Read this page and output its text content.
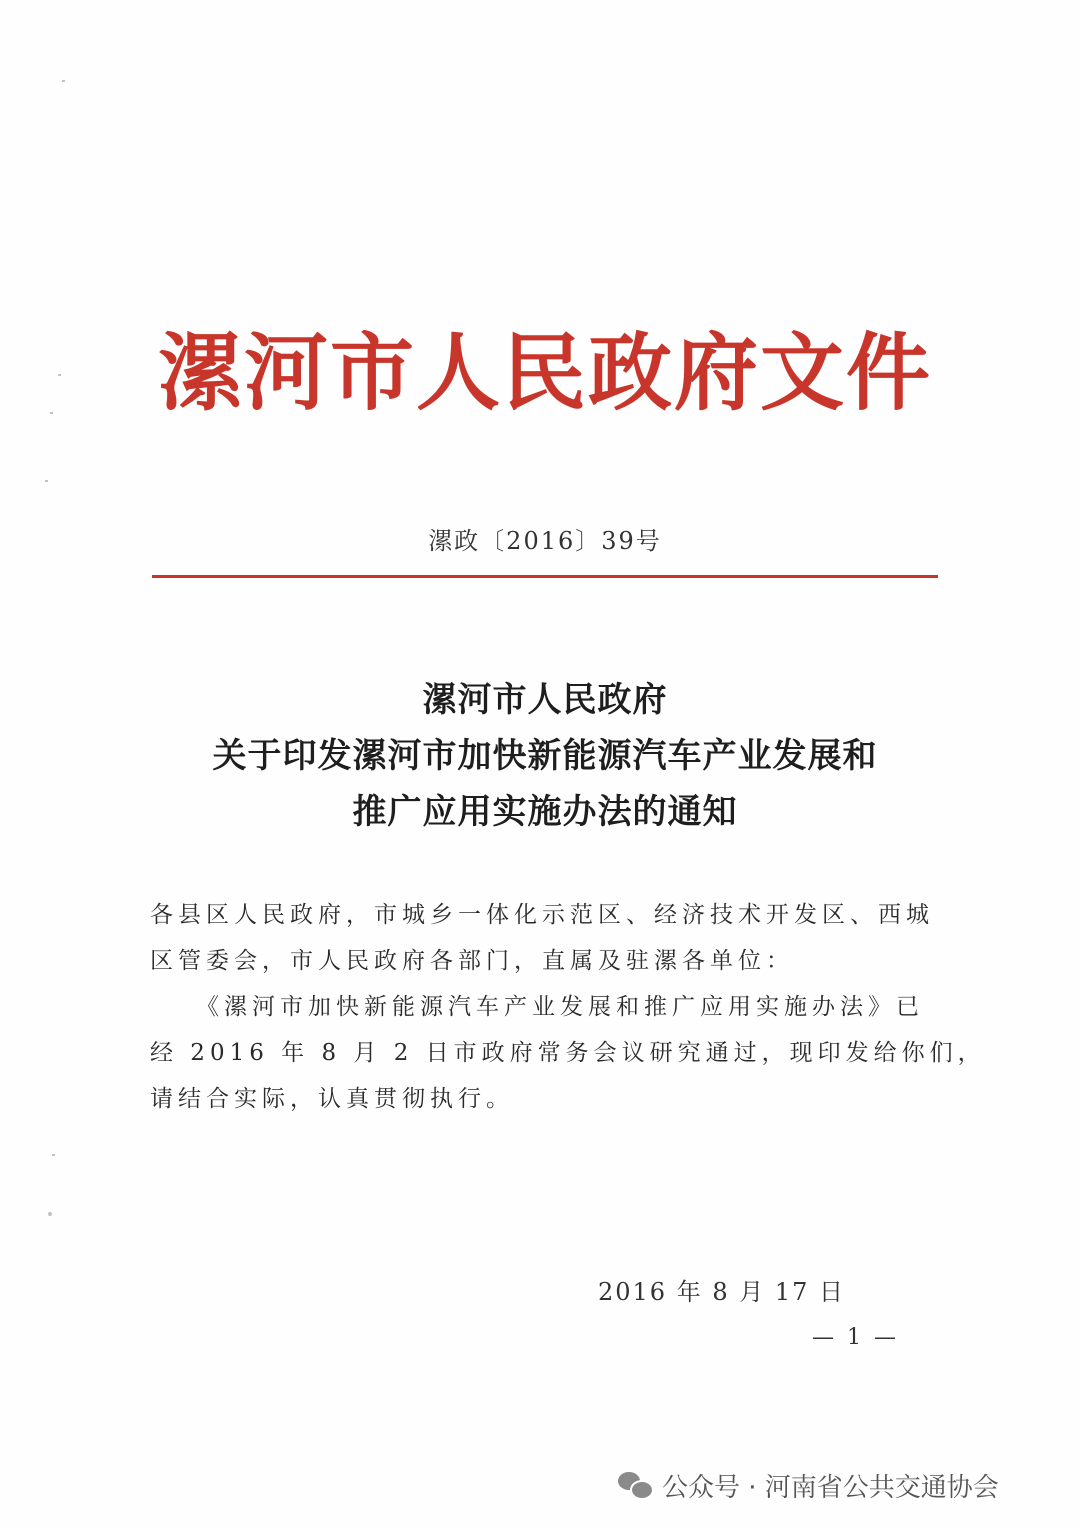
漯河市人民政府文件
漯政〔2016〕39号
漯河市人民政府
关于印发漯河市加快新能源汽车产业发展和
推广应用实施办法的通知
各县区人民政府，市城乡一体化示范区、经济技术开发区、西城
区管委会，市人民政府各部门，直属及驻漯各单位：
《漯河市加快新能源汽车产业发展和推广应用实施办法》已
经 2016 年 8 月 2 日市政府常务会议研究通过，现印发给你们，
请结合实际，认真贯彻执行。
2016 年 8 月 17 日
— 1 —
公众号 · 河南省公共交通协会
